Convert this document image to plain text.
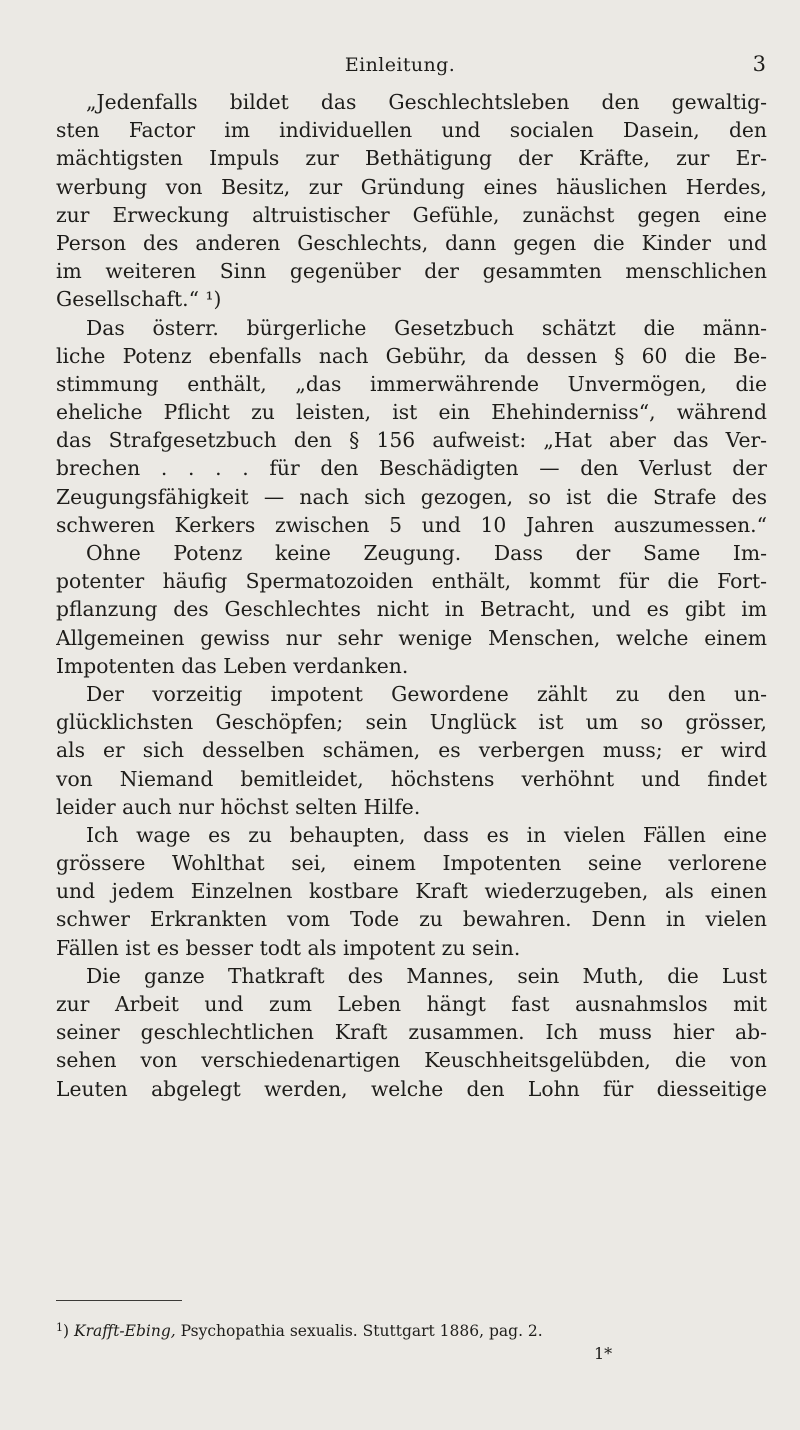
Einleitung.	3
„Jedenfalls bildet das Geschlechtsleben den gewaltig-
sten Factor im individuellen und socialen Dasein, den
mächtigsten Impuls zur Bethätigung der Kräfte, zur Er-
werbung von Besitz, zur Gründung eines häuslichen Herdes,
zur Erweckung altruistischer Gefühle, zunächst gegen eine
Person des anderen Geschlechts, dann gegen die Kinder und
im weiteren Sinn gegenüber der gesammten menschlichen
Gesellschaft.“ ¹)
Das österr. bürgerliche Gesetzbuch schätzt die männ-
liche Potenz ebenfalls nach Gebühr, da dessen § 60 die Be-
stimmung enthält, „das immerwährende Unvermögen, die
eheliche Pflicht zu leisten, ist ein Ehehinderniss“, während
das Strafgesetzbuch den § 156 aufweist: „Hat aber das Ver-
brechen . . . . für den Beschädigten — den Verlust der
Zeugungsfähigkeit — nach sich gezogen, so ist die Strafe des
schweren Kerkers zwischen 5 und 10 Jahren auszumessen.“
Ohne Potenz keine Zeugung. Dass der Same Im-
potenter häufig Spermatozoiden enthält, kommt für die Fort-
pflanzung des Geschlechtes nicht in Betracht, und es gibt im
Allgemeinen gewiss nur sehr wenige Menschen, welche einem
Impotenten das Leben verdanken.
Der vorzeitig impotent Gewordene zählt zu den un-
glücklichsten Geschöpfen; sein Unglück ist um so grösser,
als er sich desselben schämen, es verbergen muss; er wird
von Niemand bemitleidet, höchstens verhöhnt und findet
leider auch nur höchst selten Hilfe.
Ich wage es zu behaupten, dass es in vielen Fällen eine
grössere Wohlthat sei, einem Impotenten seine verlorene
und jedem Einzelnen kostbare Kraft wiederzugeben, als einen
schwer Erkrankten vom Tode zu bewahren. Denn in vielen
Fällen ist es besser todt als impotent zu sein.
Die ganze Thatkraft des Mannes, sein Muth, die Lust
zur Arbeit und zum Leben hängt fast ausnahmslos mit
seiner geschlechtlichen Kraft zusammen. Ich muss hier ab-
sehen von verschiedenartigen Keuschheitsgelübden, die von
Leuten abgelegt werden, welche den Lohn für diesseitige
$^1$) Krafft-Ebing, Psychopathia sexualis. Stuttgart 1886, pag. 2.
1*
